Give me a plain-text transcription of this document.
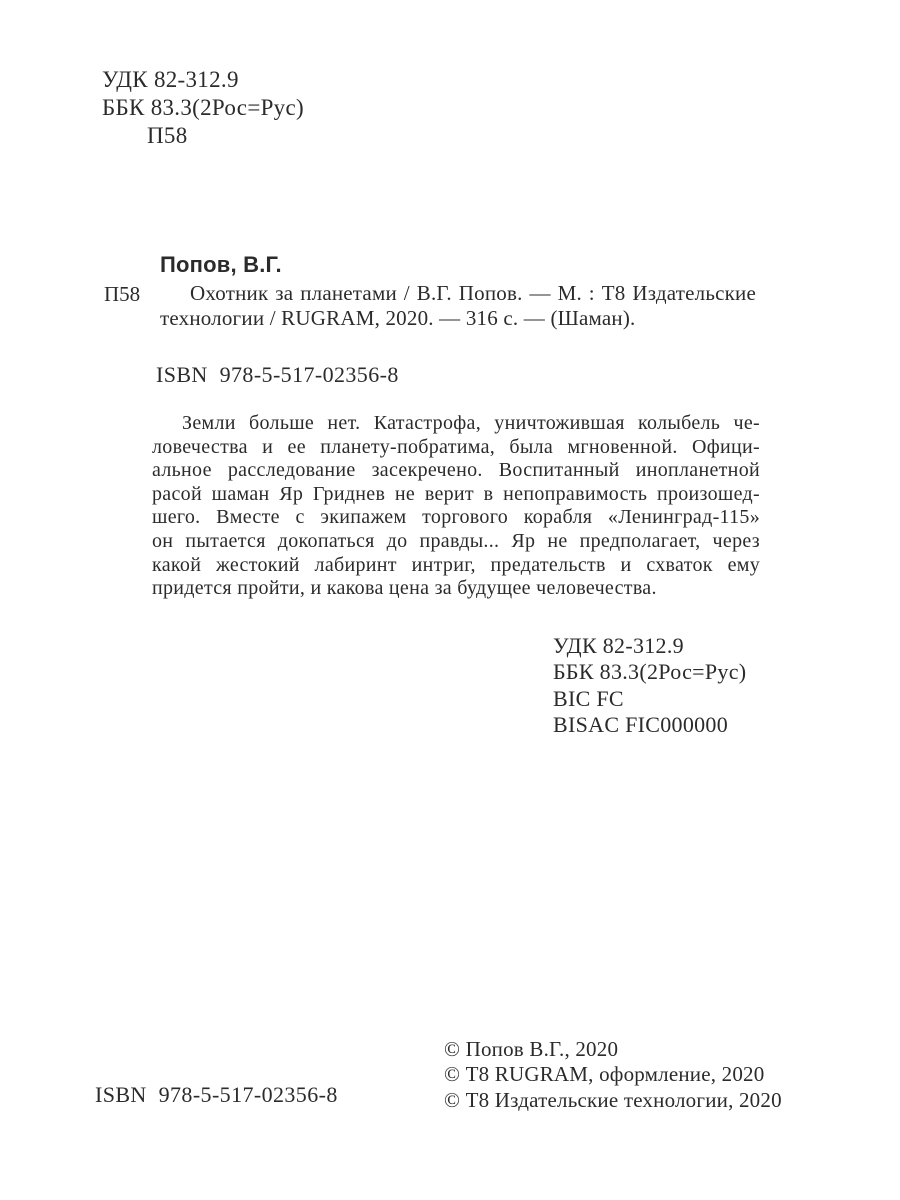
УДК 82-312.9
ББК 83.3(2Рос=Рус)
П58
Попов, В.Г.
П58	Охотник за планетами / В.Г. Попов. — М. : Т8 Издательские
технологии / RUGRAM, 2020. — 316 с. — (Шаман).
ISBN 978-5-517-02356-8
Земли больше нет. Катастрофа, уничтожившая колыбель че-
ловечества и ее планету-побратима, была мгновенной. Офици-
альное расследование засекречено. Воспитанный инопланетной
расой шаман Яр Гриднев не верит в непоправимость произошед-
шего. Вместе с экипажем торгового корабля «Ленинград-115»
он пытается докопаться до правды... Яр не предполагает, через
какой жестокий лабиринт интриг, предательств и схваток ему
придется пройти, и какова цена за будущее человечества.
УДК 82-312.9
ББК 83.3(2Рос=Рус)
BIC FC
BISAC FIC000000
ISBN 978-5-517-02356-8
© Попов В.Г., 2020
© Т8 RUGRAM, оформление, 2020
© Т8 Издательские технологии, 2020
